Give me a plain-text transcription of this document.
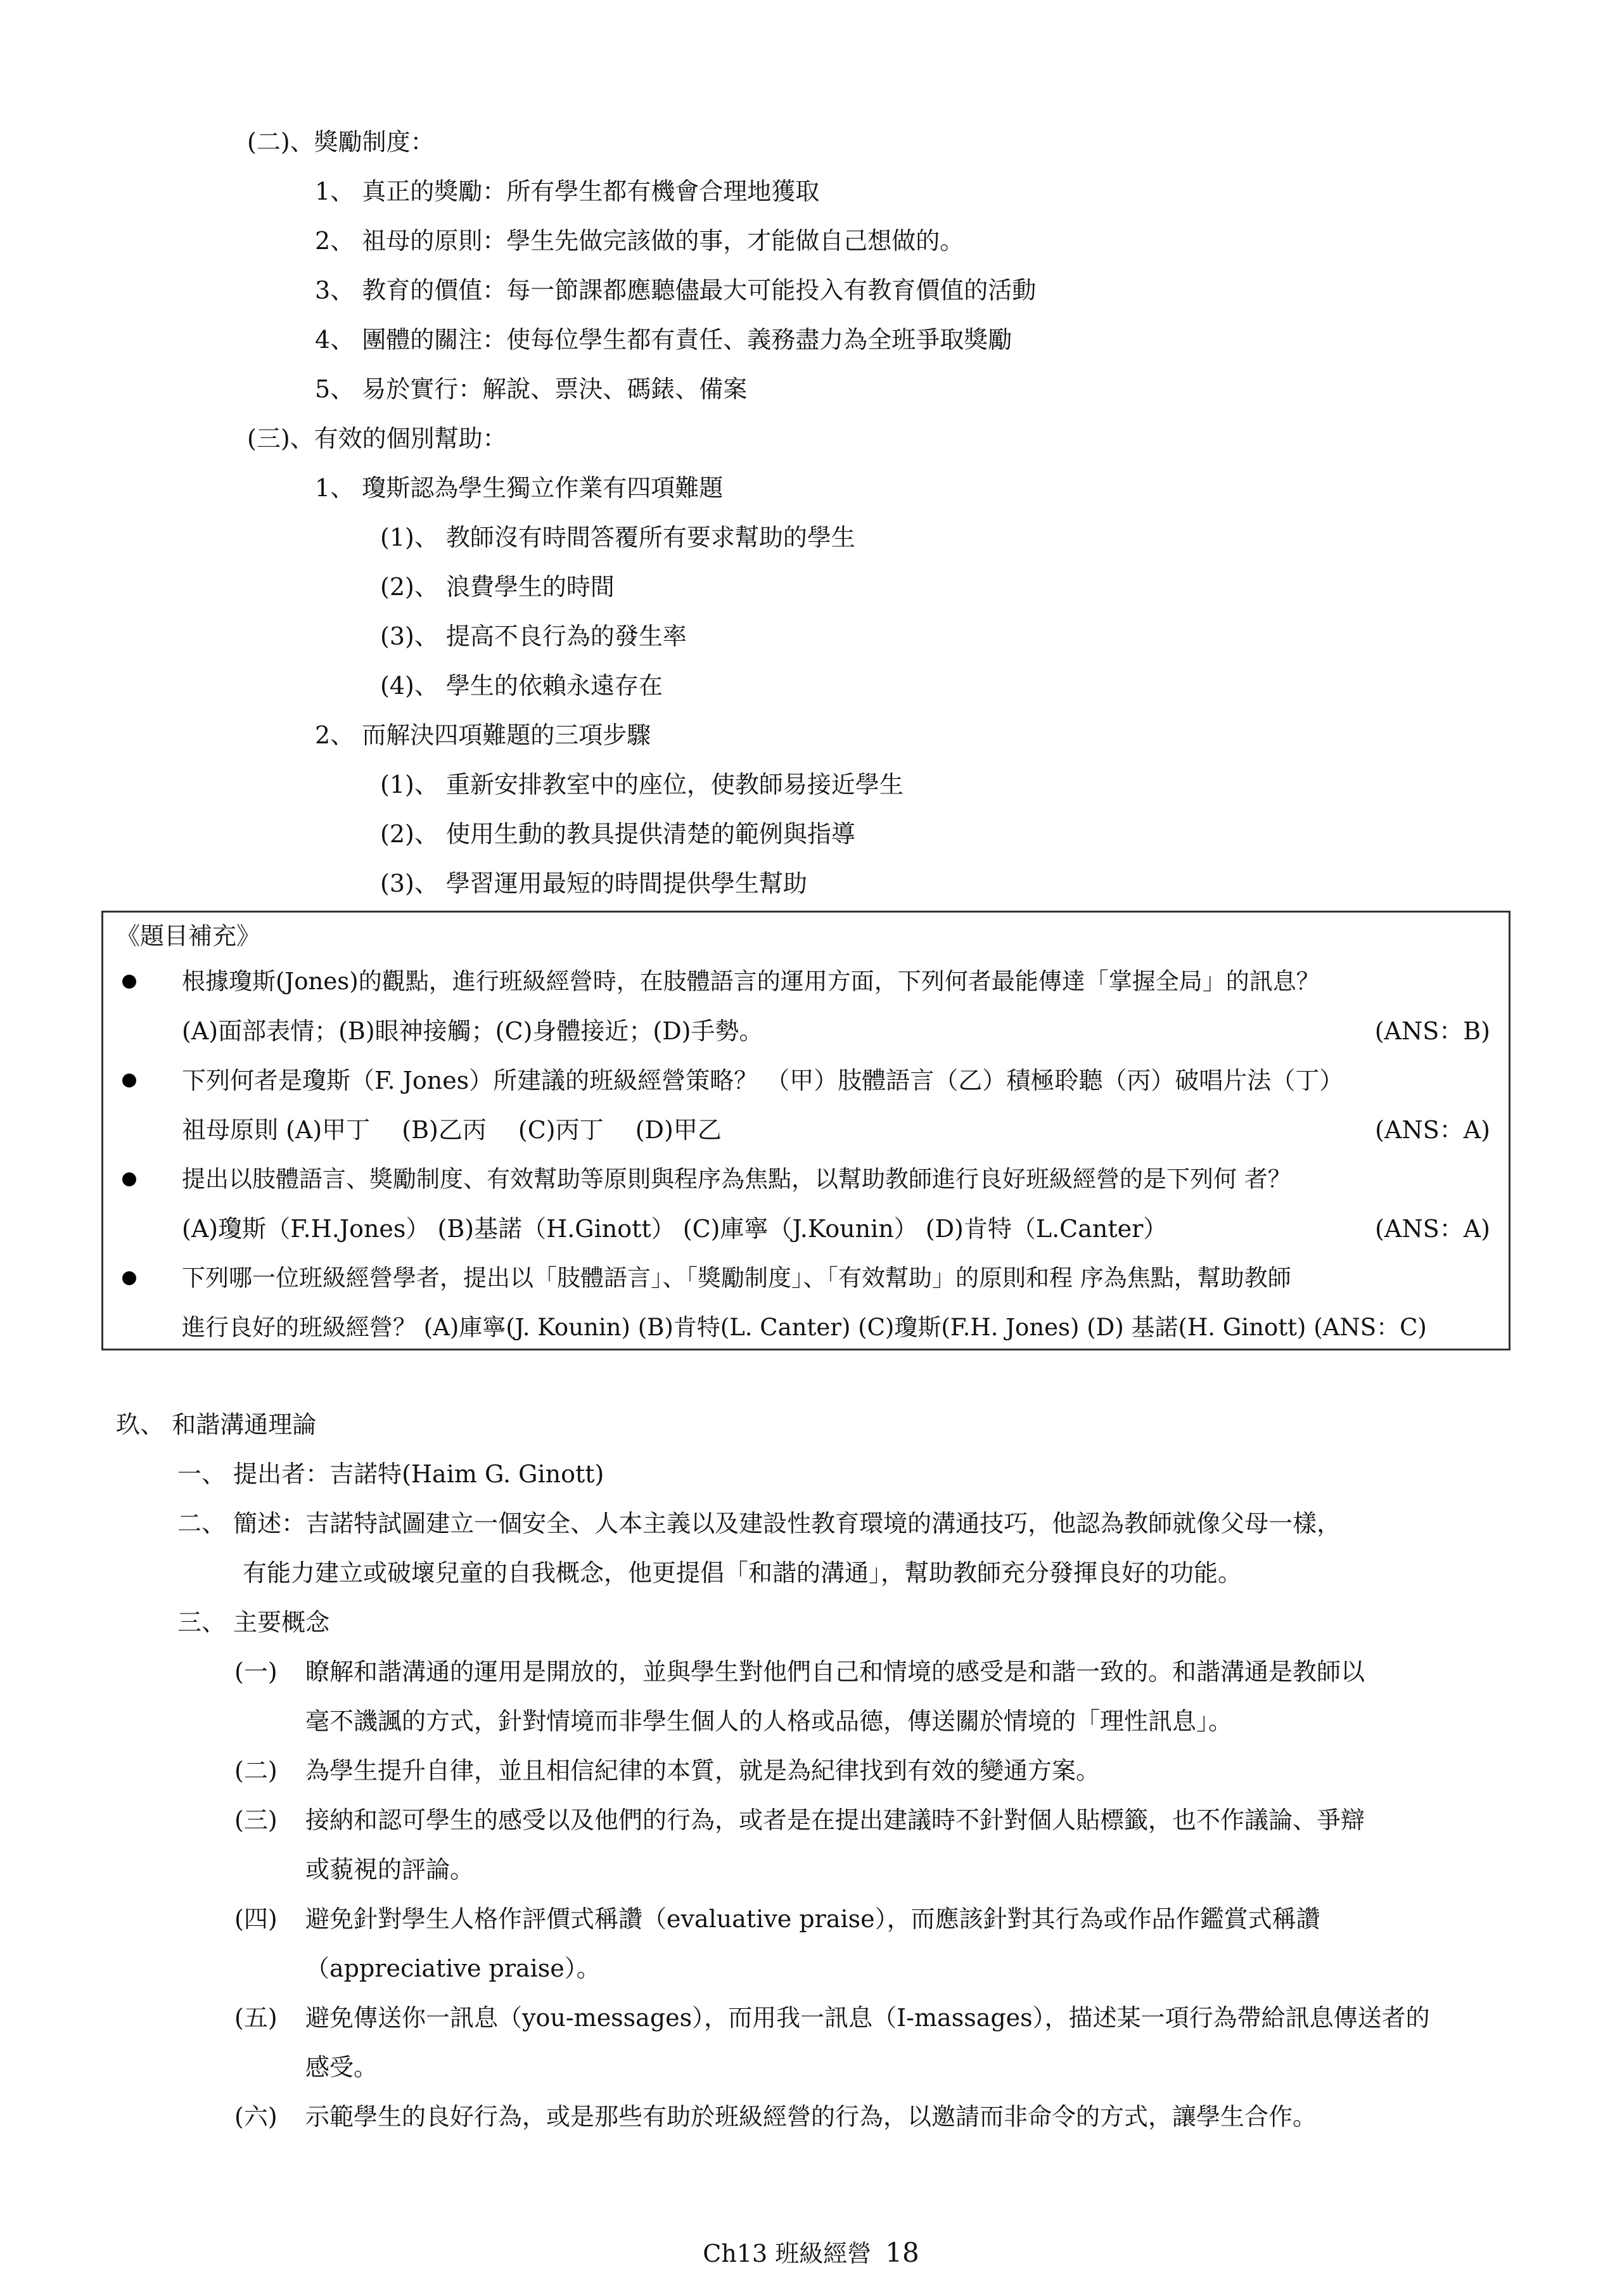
(二)、獎勵制度：
1、 真正的獎勵：所有學生都有機會合理地獲取
2、 祖母的原則：學生先做完該做的事，才能做自己想做的。
3、 教育的價值：每一節課都應聽儘最大可能投入有教育價值的活動
4、 團體的關注：使每位學生都有責任、義務盡力為全班爭取獎勵
5、 易於實行：解說、票決、碼錶、備案
(三)、有效的個別幫助：
1、 瓊斯認為學生獨立作業有四項難題
(1)、 教師沒有時間答覆所有要求幫助的學生
(2)、 浪費學生的時間
(3)、 提高不良行為的發生率
(4)、 學生的依賴永遠存在
2、 而解決四項難題的三項步驟
(1)、 重新安排教室中的座位，使教師易接近學生
(2)、 使用生動的教具提供清楚的範例與指導
(3)、 學習運用最短的時間提供學生幫助
《題目補充》
根據瓊斯(Jones)的觀點，進行班級經營時，在肢體語言的運用方面，下列何者最能傳達「掌握全局」的訊息？
(A)面部表情；(B)眼神接觸；(C)身體接近；(D)手勢。	(ANS：B)
下列何者是瓊斯（F. Jones）所建議的班級經營策略？ （甲）肢體語言（乙）積極聆聽（丙）破唱片法（丁）
祖母原則 (A)甲丁　 (B)乙丙　 (C)丙丁　 (D)甲乙	(ANS：A)
提出以肢體語言、獎勵制度、有效幫助等原則與程序為焦點，以幫助教師進行良好班級經營的是下列何 者？
(A)瓊斯（F.H.Jones） (B)基諾（H.Ginott） (C)庫寧（J.Kounin） (D)肯特（L.Canter）	(ANS：A)
下列哪一位班級經營學者，提出以「肢體語言」、「獎勵制度」、「有效幫助」的原則和程 序為焦點，幫助教師
進行良好的班級經營？ (A)庫寧(J. Kounin) (B)肯特(L. Canter) (C)瓊斯(F.H. Jones) (D) 基諾(H. Ginott) (ANS：C)
玖、 和諧溝通理論
一、 提出者：吉諾特(Haim G. Ginott)
二、 簡述：吉諾特試圖建立一個安全、人本主義以及建設性教育環境的溝通技巧，他認為教師就像父母一樣，
有能力建立或破壞兒童的自我概念，他更提倡「和諧的溝通」，幫助教師充分發揮良好的功能。
三、 主要概念
(一) 瞭解和諧溝通的運用是開放的，並與學生對他們自己和情境的感受是和諧一致的。和諧溝通是教師以
毫不譏諷的方式，針對情境而非學生個人的人格或品德，傳送關於情境的「理性訊息」。
(二) 為學生提升自律，並且相信紀律的本質，就是為紀律找到有效的變通方案。
(三) 接納和認可學生的感受以及他們的行為，或者是在提出建議時不針對個人貼標籤，也不作議論、爭辯
或藐視的評論。
(四) 避免針對學生人格作評價式稱讚（evaluative praise），而應該針對其行為或作品作鑑賞式稱讚
（appreciative praise）。
(五) 避免傳送你一訊息（you-messages），而用我一訊息（I-massages），描述某一項行為帶給訊息傳送者的
感受。
(六) 示範學生的良好行為，或是那些有助於班級經營的行為，以邀請而非命令的方式，讓學生合作。
Ch13 班級經營 18
